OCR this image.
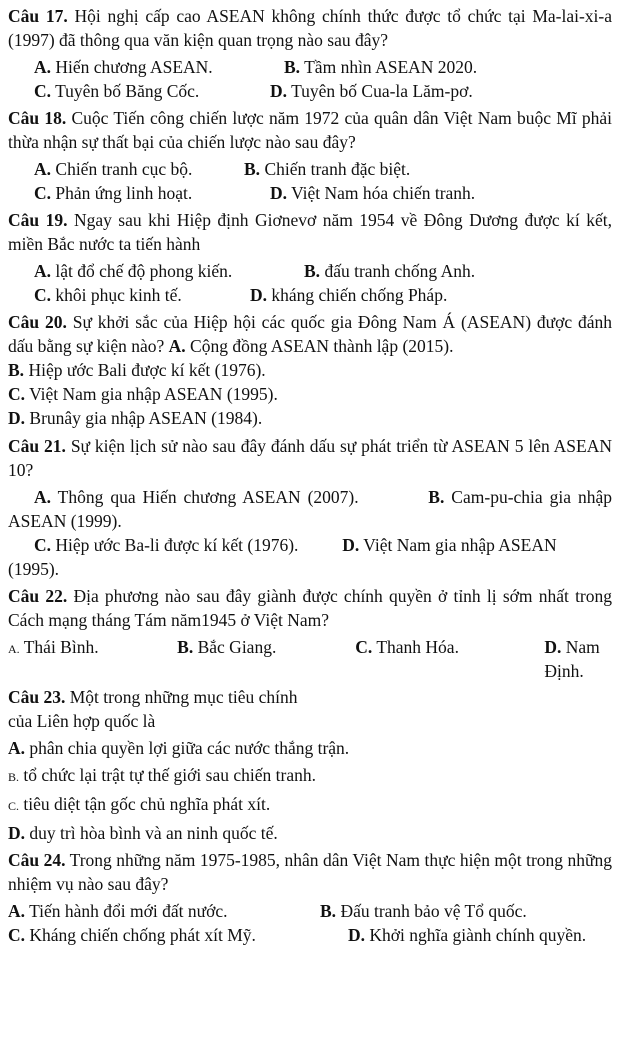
Câu 17. Hội nghị cấp cao ASEAN không chính thức được tổ chức tại Ma-lai-xi-a (1997) đã thông qua văn kiện quan trọng nào sau đây?

A. Hiến chương ASEAN.	B. Tầm nhìn ASEAN 2020.
C. Tuyên bố Băng Cốc.	D. Tuyên bố Cua-la Lăm-pơ.

Câu 18. Cuộc Tiến công chiến lược năm 1972 của quân dân Việt Nam buộc Mĩ phải thừa nhận sự thất bại của chiến lược nào sau đây?

A. Chiến tranh cục bộ.	B. Chiến tranh đặc biệt.
C. Phản ứng linh hoạt.	D. Việt Nam hóa chiến tranh.

Câu 19. Ngay sau khi Hiệp định Giơnevơ năm 1954 về Đông Dương được kí kết, miền Bắc nước ta tiến hành

A. lật đổ chế độ phong kiến.	B. đấu tranh chống Anh.
C. khôi phục kinh tế.	D. kháng chiến chống Pháp.

Câu 20. Sự khởi sắc của Hiệp hội các quốc gia Đông Nam Á (ASEAN) được đánh dấu bằng sự kiện nào? A. Cộng đồng ASEAN thành lập (2015).

B. Hiệp ước Bali được kí kết (1976).

C. Việt Nam gia nhập ASEAN (1995).

D. Brunây gia nhập ASEAN (1984).

Câu 21. Sự kiện lịch sử nào sau đây đánh dấu sự phát triển từ ASEAN 5 lên ASEAN 10?

A. Thông qua Hiến chương ASEAN (2007).	B. Cam-pu-chia gia nhập ASEAN (1999).

C. Hiệp ước Ba-li được kí kết (1976).	D. Việt Nam gia nhập ASEAN (1995).

Câu 22. Địa phương nào sau đây giành được chính quyền ở tỉnh lị sớm nhất trong Cách mạng tháng Tám năm1945 ở Việt Nam?

A. Thái Bình.	B. Bắc Giang.	C. Thanh Hóa.	D. Nam Định.

Câu 23. Một trong những mục tiêu chính của Liên hợp quốc là

A. phân chia quyền lợi giữa các nước thắng trận.

B. tổ chức lại trật tự thế giới sau chiến tranh.

C. tiêu diệt tận gốc chủ nghĩa phát xít.

D. duy trì hòa bình và an ninh quốc tế.

Câu 24. Trong những năm 1975-1985, nhân dân Việt Nam thực hiện một trong những nhiệm vụ nào sau đây?

A. Tiến hành đổi mới đất nước.	B. Đấu tranh bảo vệ Tổ quốc.
C. Kháng chiến chống phát xít Mỹ.	D. Khởi nghĩa giành chính quyền.
